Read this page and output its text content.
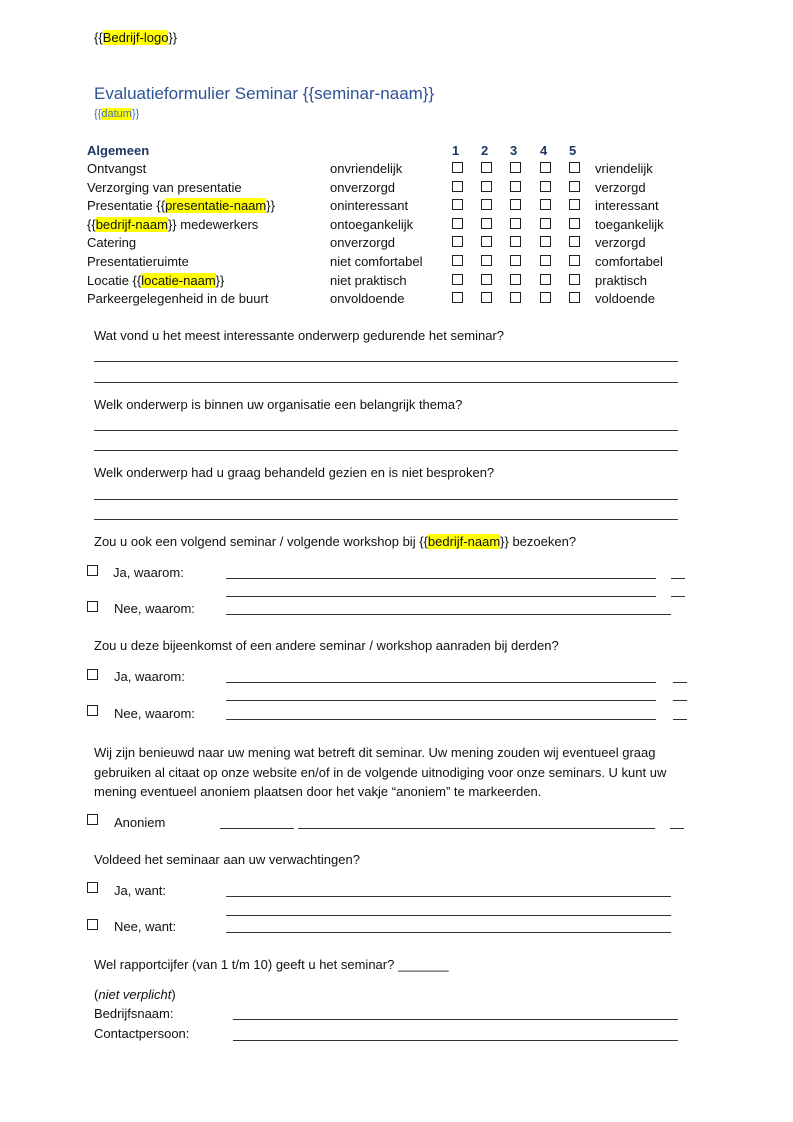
{{Bedrijf-logo}}
Evaluatieformulier Seminar {{seminar-naam}}
{{datum}}
Algemeen	1 2 3 4 5
Ontvangst	onvriendelijk	vriendelijk
Verzorging van presentatie	onverzorgd	verzorgd
Presentatie {{presentatie-naam}}	oninteressant	interessant
{{bedrijf-naam}} medewerkers	ontoegankelijk	toegankelijk
Catering	onverzorgd	verzorgd
Presentatieruimte	niet comfortabel	comfortabel
Locatie {{locatie-naam}}	niet praktisch	praktisch
Parkeergelegenheid in de buurt	onvoldoende	voldoende
Wat vond u het meest interessante onderwerp gedurende het seminar?
Welk onderwerp is binnen uw organisatie een belangrijk thema?
Welk onderwerp had u graag behandeld gezien en is niet besproken?
Zou u ook een volgend seminar / volgende workshop bij {{bedrijf-naam}} bezoeken?
Ja, waarom:
Nee, waarom:
Zou u deze bijeenkomst of een andere seminar / workshop aanraden bij derden?
Ja, waarom:
Nee, waarom:
Wij zijn benieuwd naar uw mening wat betreft dit seminar. Uw mening zouden wij eventueel graag
gebruiken al citaat op onze website en/of in de volgende uitnodiging voor onze seminars. U kunt uw
mening eventueel anoniem plaatsen door het vakje “anoniem” te markeerden.
Anoniem
Voldeed het seminaar aan uw verwachtingen?
Ja, want:
Nee, want:
Wel rapportcijfer (van 1 t/m 10) geeft u het seminar? _______
(niet verplicht)
Bedrijfsnaam:
Contactpersoon:
